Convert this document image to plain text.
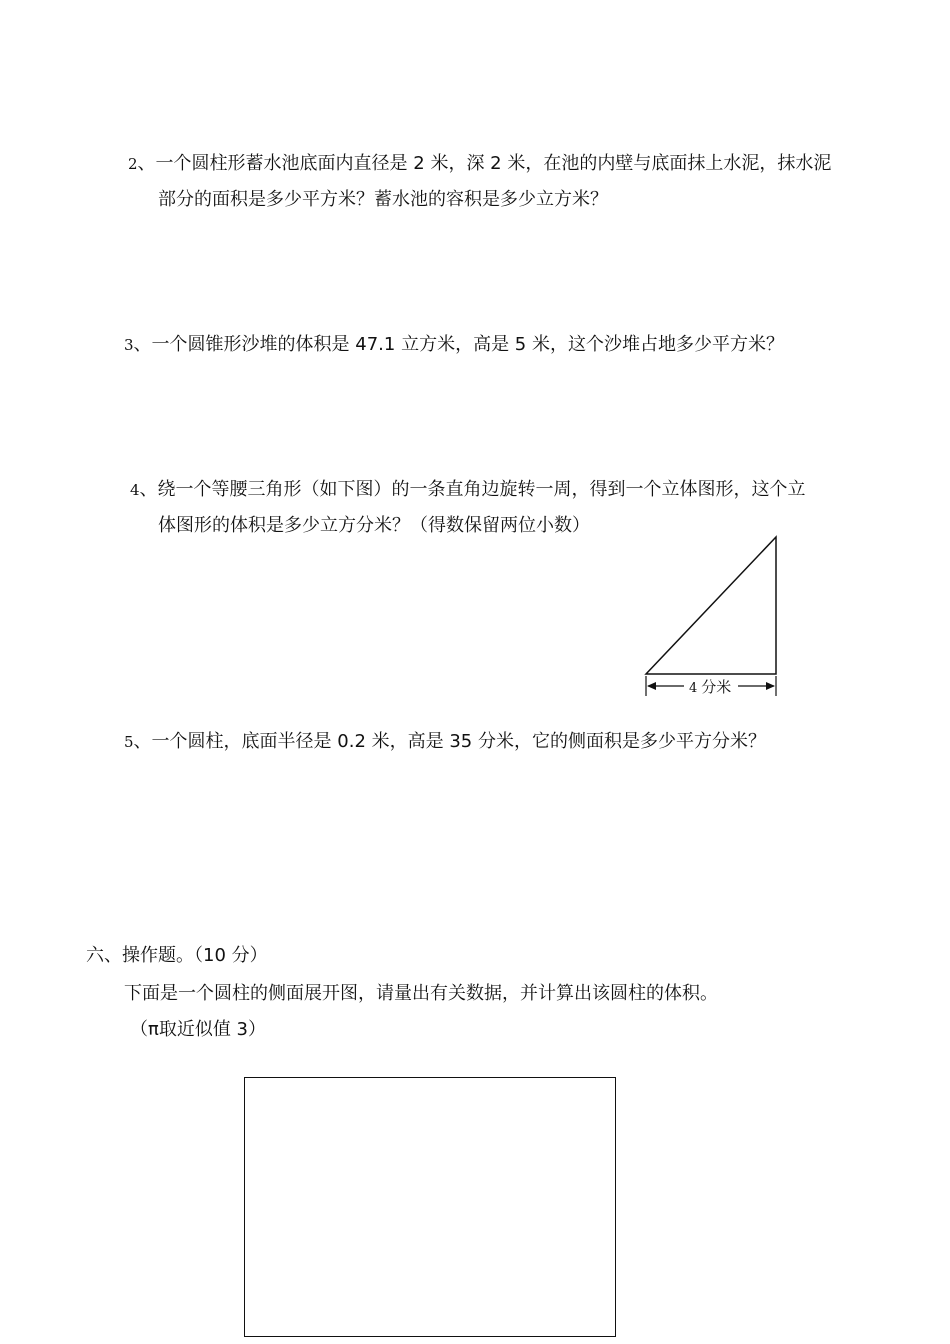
2、一个圆柱形蓄水池底面内直径是 2 米，深 2 米，在池的内壁与底面抹上水泥，抹水泥
部分的面积是多少平方米？蓄水池的容积是多少立方米？
3、一个圆锥形沙堆的体积是 47.1 立方米，高是 5 米，这个沙堆占地多少平方米？
4、绕一个等腰三角形（如下图）的一条直角边旋转一周，得到一个立体图形，这个立
体图形的体积是多少立方分米？（得数保留两位小数）
4 分米
5、一个圆柱，底面半径是 0.2 米，高是 35 分米，它的侧面积是多少平方分米？
六、操作题。（10 分）
下面是一个圆柱的侧面展开图，请量出有关数据，并计算出该圆柱的体积。
（π取近似值 3）
